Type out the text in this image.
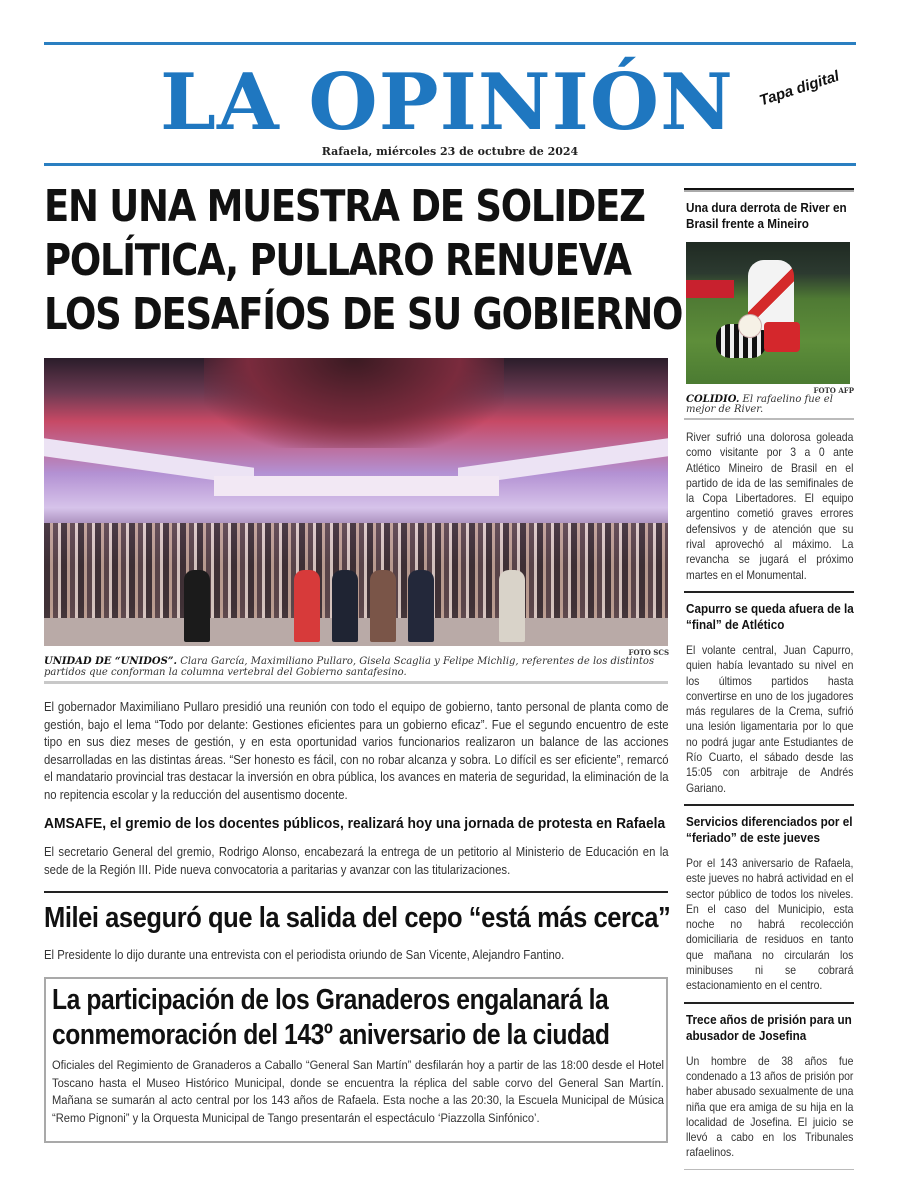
LA OPINIÓN	Tapa digital
Rafaela, miércoles 23 de octubre de 2024
EN UNA MUESTRA DE SOLIDEZ
POLÍTICA, PULLARO RENUEVA
LOS DESAFÍOS DE SU GOBIERNO
FOTO SCS
UNIDAD DE “UNIDOS”. Clara García, Maximiliano Pullaro, Gisela Scaglia y Felipe Michlig, referentes de los distintos partidos que conforman la columna vertebral del Gobierno santafesino.

El gobernador Maximiliano Pullaro presidió una reunión con todo el equipo de gobierno, tanto personal de planta como de gestión, bajo el lema “Todo por delante: Gestiones eficientes para un gobierno eficaz”. Fue el segundo encuentro de este tipo en sus diez meses de gestión, y en esta oportunidad varios funcionarios realizaron un balance de las acciones desarrolladas en las distintas áreas. “Ser honesto es fácil, con no robar alcanza y sobra. Lo difícil es ser eficiente”, remarcó el mandatario provincial tras destacar la inversión en obra pública, los avances en materia de seguridad, la eliminación de la no repitencia escolar y la reducción del ausentismo docente.

AMSAFE, el gremio de los docentes públicos, realizará hoy una jornada de protesta en Rafaela

El secretario General del gremio, Rodrigo Alonso, encabezará la entrega de un petitorio al Ministerio de Educación en la sede de la Región III. Pide nueva convocatoria a paritarias y avanzar con las titularizaciones.

Milei aseguró que la salida del cepo “está más cerca”

El Presidente lo dijo durante una entrevista con el periodista oriundo de San Vicente, Alejandro Fantino.

La participación de los Granaderos engalanará la conmemoración del 143º aniversario de la ciudad

Oficiales del Regimiento de Granaderos a Caballo “General San Martín” desfilarán hoy a partir de las 18:00 desde el Hotel Toscano hasta el Museo Histórico Municipal, donde se encuentra la réplica del sable corvo del General San Martín. Mañana se sumarán al acto central por los 143 años de Rafaela. Esta noche a las 20:30, la Escuela Municipal de Música “Remo Pignoni” y la Orquesta Municipal de Tango presentarán el espectáculo ‘Piazzolla Sinfónico’.

Una dura derrota de River en Brasil frente a Mineiro
FOTO AFP
COLIDIO. El rafaelino fue el mejor de River.

River sufrió una dolorosa goleada como visitante por 3 a 0 ante Atlético Mineiro de Brasil en el partido de ida de las semifinales de la Copa Libertadores. El equipo argentino cometió graves errores defensivos y de atención que su rival aprovechó al máximo. La revancha se jugará el próximo martes en el Monumental.

Capurro se queda afuera de la “final” de Atlético

El volante central, Juan Capurro, quien había levantado su nivel en los últimos partidos hasta convertirse en uno de los jugadores más regulares de la Crema, sufrió una lesión ligamentaria por lo que no podrá jugar ante Estudiantes de Río Cuarto, el sábado desde las 15:05 con arbitraje de Andrés Gariano.

Servicios diferenciados por el “feriado” de este jueves

Por el 143 aniversario de Rafaela, este jueves no habrá actividad en el sector público de todos los niveles. En el caso del Municipio, esta noche no habrá recolección domiciliaria de residuos en tanto que mañana no circularán los minibuses ni se cobrará estacionamiento en el centro.

Trece años de prisión para un abusador de Josefina

Un hombre de 38 años fue condenado a 13 años de prisión por haber abusado sexualmente de una niña que era amiga de su hija en la localidad de Josefina. El juicio se llevó a cabo en los Tribunales rafaelinos.
